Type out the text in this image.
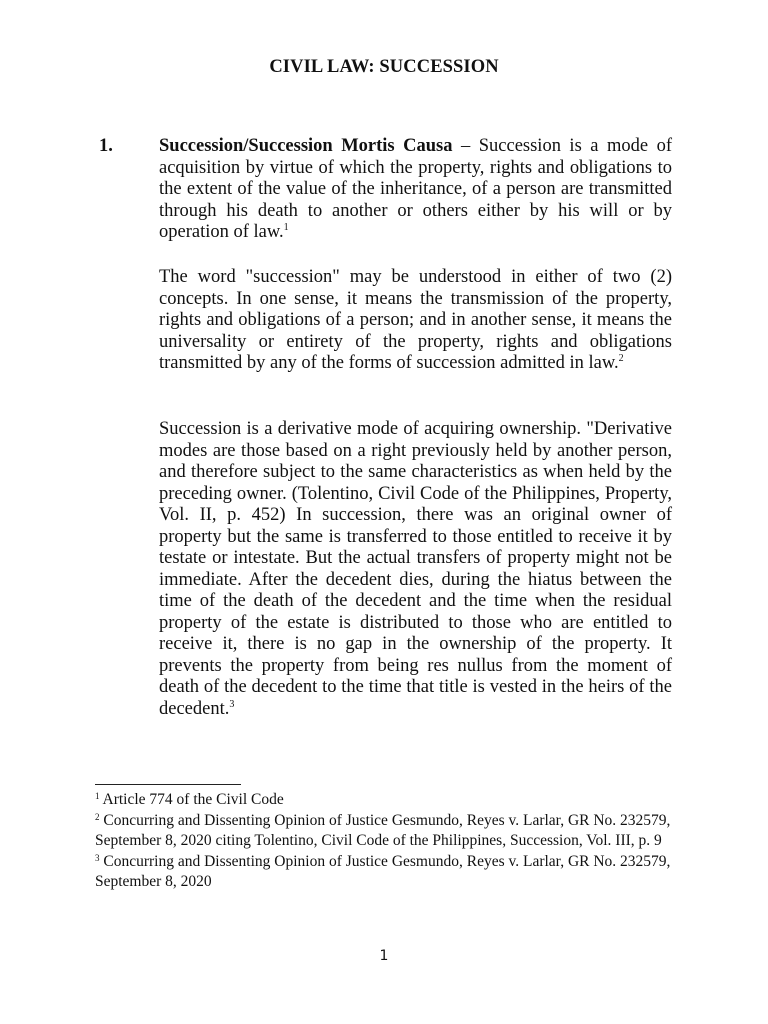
CIVIL LAW: SUCCESSION
1. Succession/Succession Mortis Causa – Succession is a mode of acquisition by virtue of which the property, rights and obligations to the extent of the value of the inheritance, of a person are transmitted through his death to another or others either by his will or by operation of law.$^1$

The word "succession" may be understood in either of two (2) concepts. In one sense, it means the transmission of the property, rights and obligations of a person; and in another sense, it means the universality or entirety of the property, rights and obligations transmitted by any of the forms of succession admitted in law.$^2$

Succession is a derivative mode of acquiring ownership. "Derivative modes are those based on a right previously held by another person, and therefore subject to the same characteristics as when held by the preceding owner. (Tolentino, Civil Code of the Philippines, Property, Vol. II, p. 452) In succession, there was an original owner of property but the same is transferred to those entitled to receive it by testate or intestate. But the actual transfers of property might not be immediate. After the decedent dies, during the hiatus between the time of the death of the decedent and the time when the residual property of the estate is distributed to those who are entitled to receive it, there is no gap in the ownership of the property. It prevents the property from being res nullus from the moment of death of the decedent to the time that title is vested in the heirs of the decedent.$^3$

$^1$ Article 774 of the Civil Code

$^2$ Concurring and Dissenting Opinion of Justice Gesmundo, Reyes v. Larlar, GR No. 232579, September 8, 2020 citing Tolentino, Civil Code of the Philippines, Succession, Vol. III, p. 9

$^3$ Concurring and Dissenting Opinion of Justice Gesmundo, Reyes v. Larlar, GR No. 232579, September 8, 2020

1
